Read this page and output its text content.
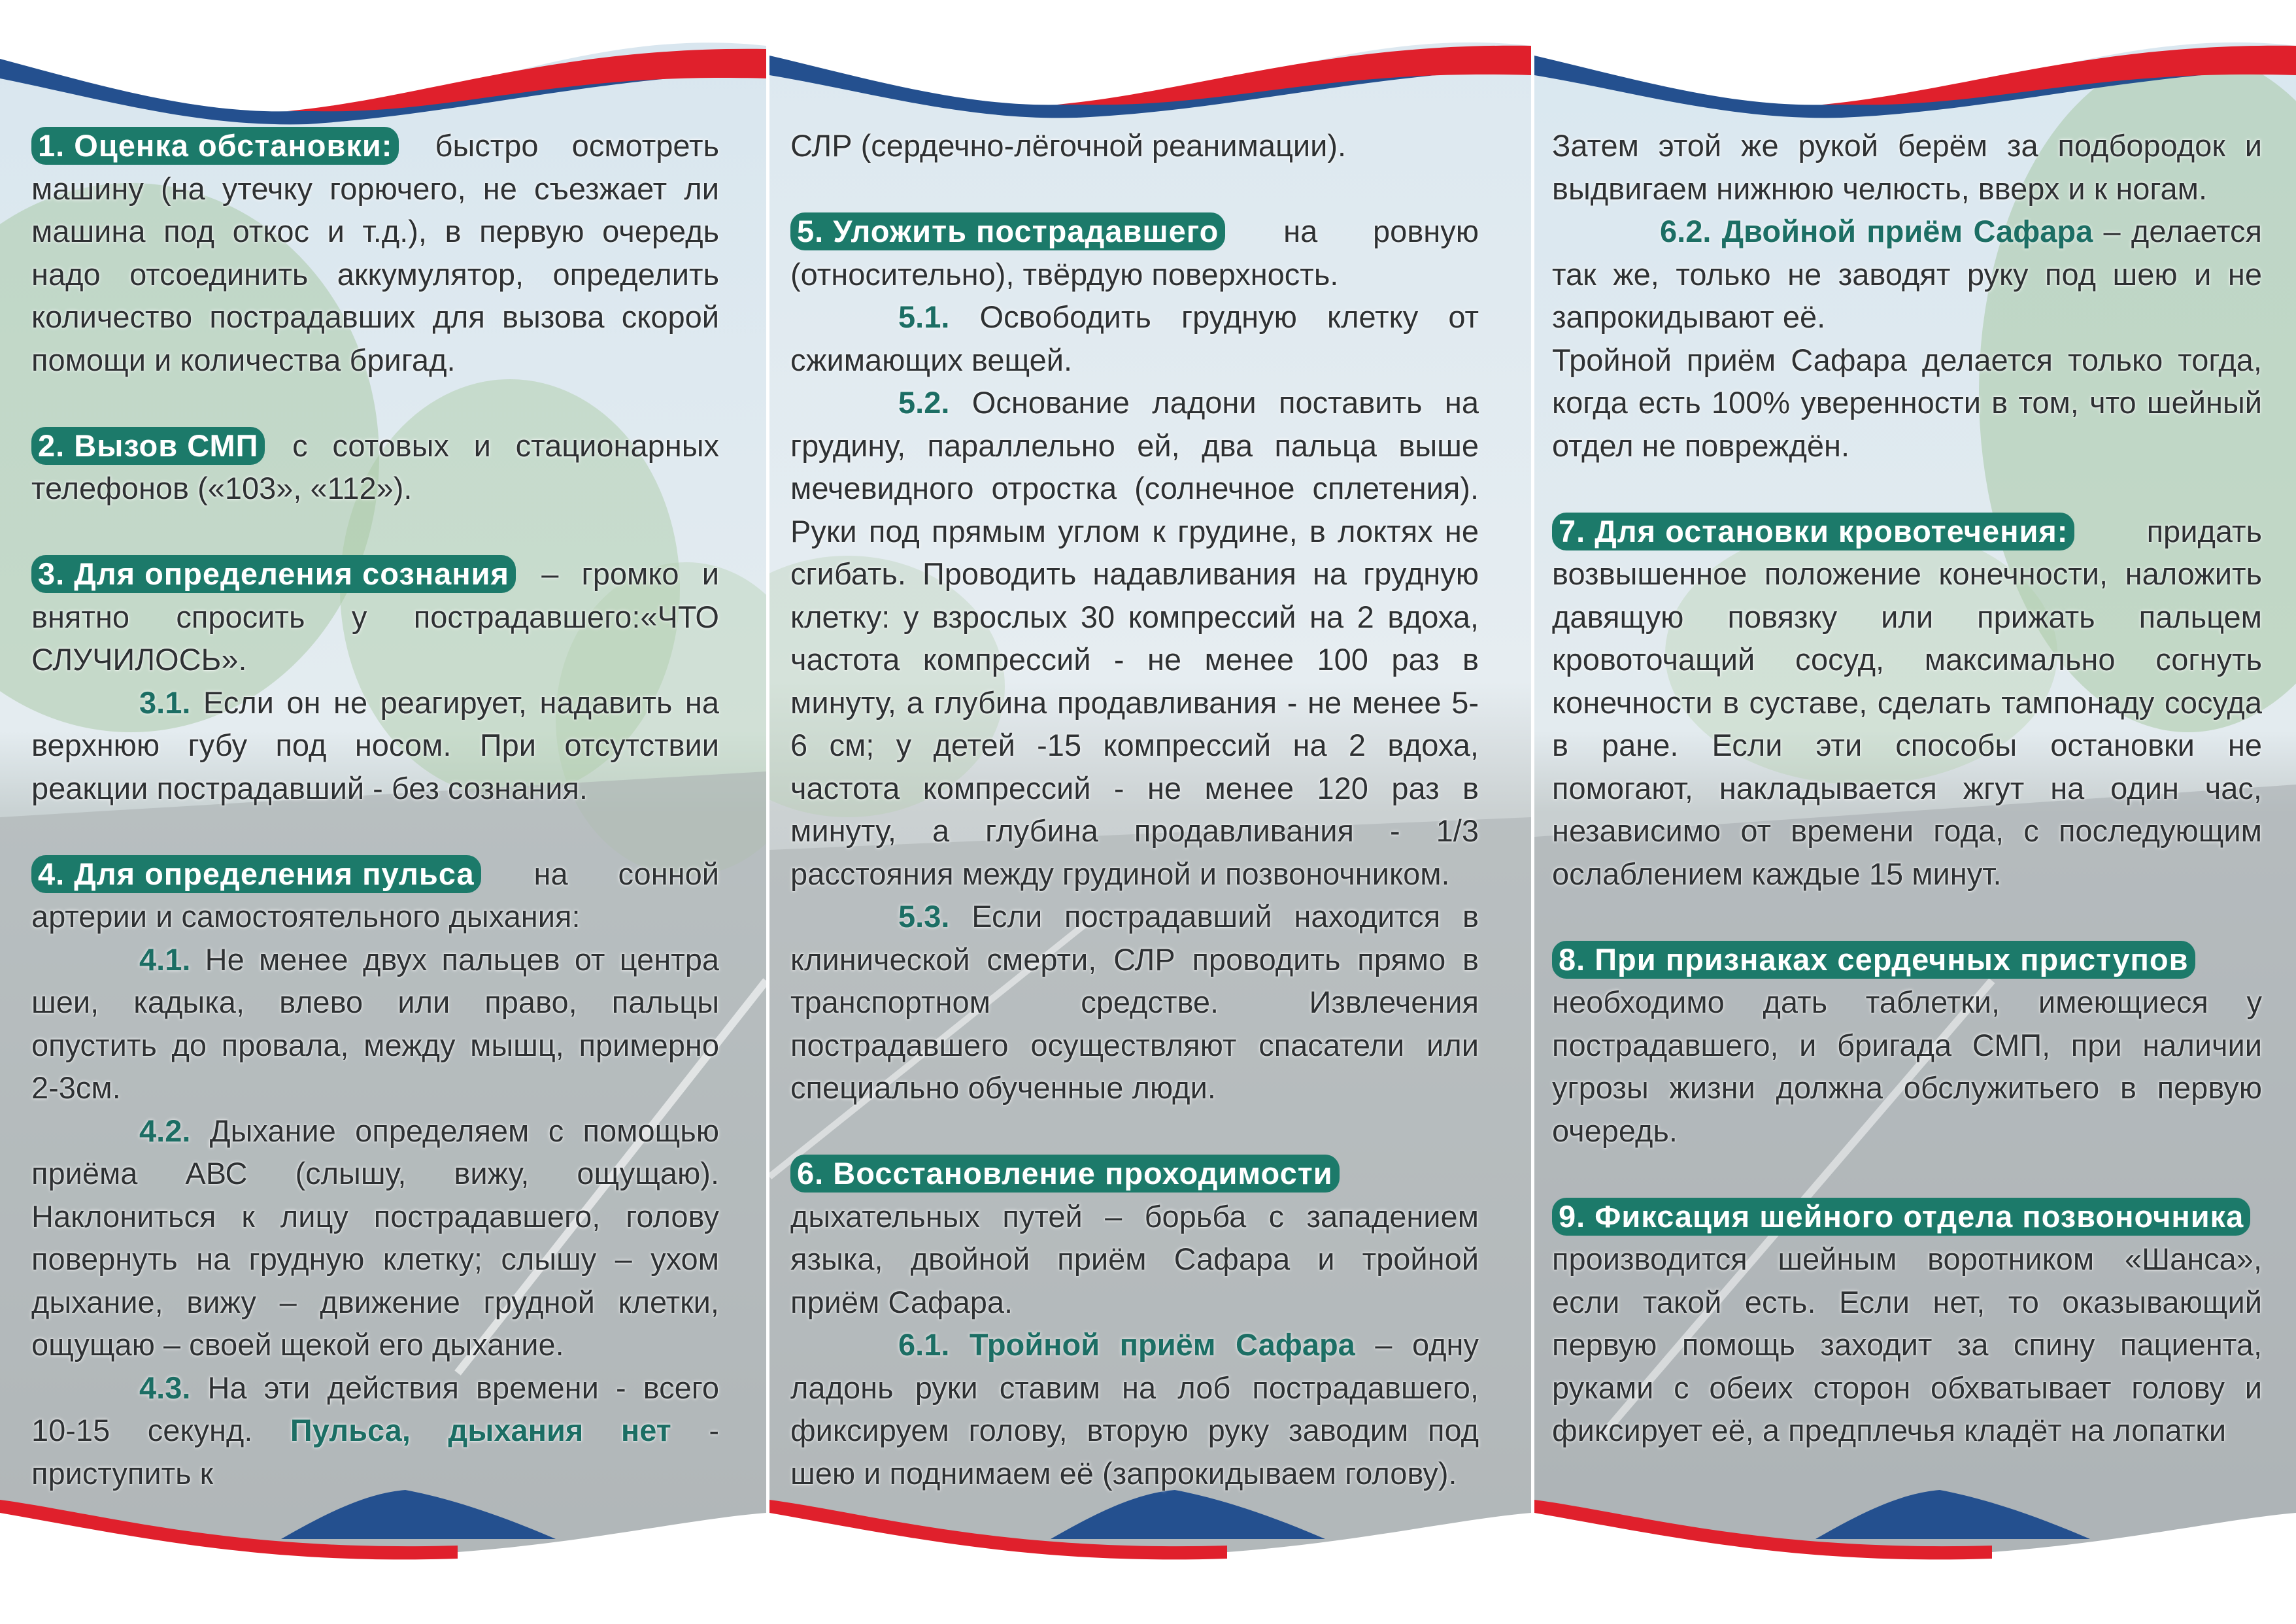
1. Оценка обстановки: быстро осмотреть машину (на утечку горючего, не съезжает ли машина под откос и т.д.), в первую очередь надо отсоединить аккумулятор, определить количество пострадавших для вызова скорой помощи и количества бригад.

2. Вызов СМП с сотовых и стационарных телефонов («103», «112»).

3. Для определения сознания – громко и внятно спросить у пострадавшего:«ЧТО СЛУЧИЛОСЬ».

3.1. Если он не реагирует, надавить на верхнюю губу под носом. При отсутствии реакции пострадавший - без сознания.

4. Для определения пульса на сонной артерии и самостоятельного дыхания:

4.1. Не менее двух пальцев от центра шеи, кадыка, влево или право, пальцы опустить до провала, между мышц, примерно 2-3см.

4.2. Дыхание определяем с помощью приёма АВС (слышу, вижу, ощущаю). Наклониться к лицу пострадавшего, голову повернуть на грудную клетку; слышу – ухом дыхание, вижу – движение грудной клетки, ощущаю – своей щекой его дыхание.

4.3. На эти действия времени - всего 10-15 секунд. Пульса, дыхания нет - приступить к

СЛР (сердечно-лёгочной реанимации).

5. Уложить пострадавшего на ровную (относительно), твёрдую поверхность.

5.1. Освободить грудную клетку от сжимающих вещей.

5.2. Основание ладони поставить на грудину, параллельно ей, два пальца выше мечевидного отростка (солнечное сплетения). Руки под прямым углом к грудине, в локтях не сгибать. Проводить надавливания на грудную клетку: у взрослых 30 компрессий на 2 вдоха, частота компрессий - не менее 100 раз в минуту, а глубина продавливания - не менее 5- 6 см; у детей -15 компрессий на 2 вдоха, частота компрессий - не менее 120 раз в минуту, а глубина продавливания - 1/3 расстояния между грудиной и позвоночником.

5.3. Если пострадавший находится в клинической смерти, СЛР проводить прямо в транспортном средстве. Извлечения пострадавшего осуществляют спасатели или специально обученные люди.

6. Восстановление проходимости дыхательных путей – борьба с западением языка, двойной приём Сафара и тройной приём Сафара.

6.1. Тройной приём Сафара – одну ладонь руки ставим на лоб пострадавшего, фиксируем голову, вторую руку заводим под шею и поднимаем её (запрокидываем голову).

Затем этой же рукой берём за подбородок и выдвигаем нижнюю челюсть, вверх и к ногам.

6.2. Двойной приём Сафара – делается так же, только не заводят руку под шею и не запрокидывают её.

Тройной приём Сафара делается только тогда, когда есть 100% уверенности в том, что шейный отдел не повреждён.

7. Для остановки кровотечения: придать возвышенное положение конечности, наложить давящую повязку или прижать пальцем кровоточащий сосуд, максимально согнуть конечности в суставе, сделать тампонаду сосуда в ране. Если эти способы остановки не помогают, накладывается жгут на один час, независимо от времени года, с последующим ослаблением каждые 15 минут.

8. При признаках сердечных приступов необходимо дать таблетки, имеющиеся у пострадавшего, и бригада СМП, при наличии угрозы жизни должна обслужитьего в первую очередь.

9. Фиксация шейного отдела позвоночника

производится шейным воротником «Шанса», если такой есть. Если нет, то оказывающий первую помощь заходит за спину пациента, руками с обеих сторон обхватывает голову и фиксирует её, а предплечья кладёт на лопатки
